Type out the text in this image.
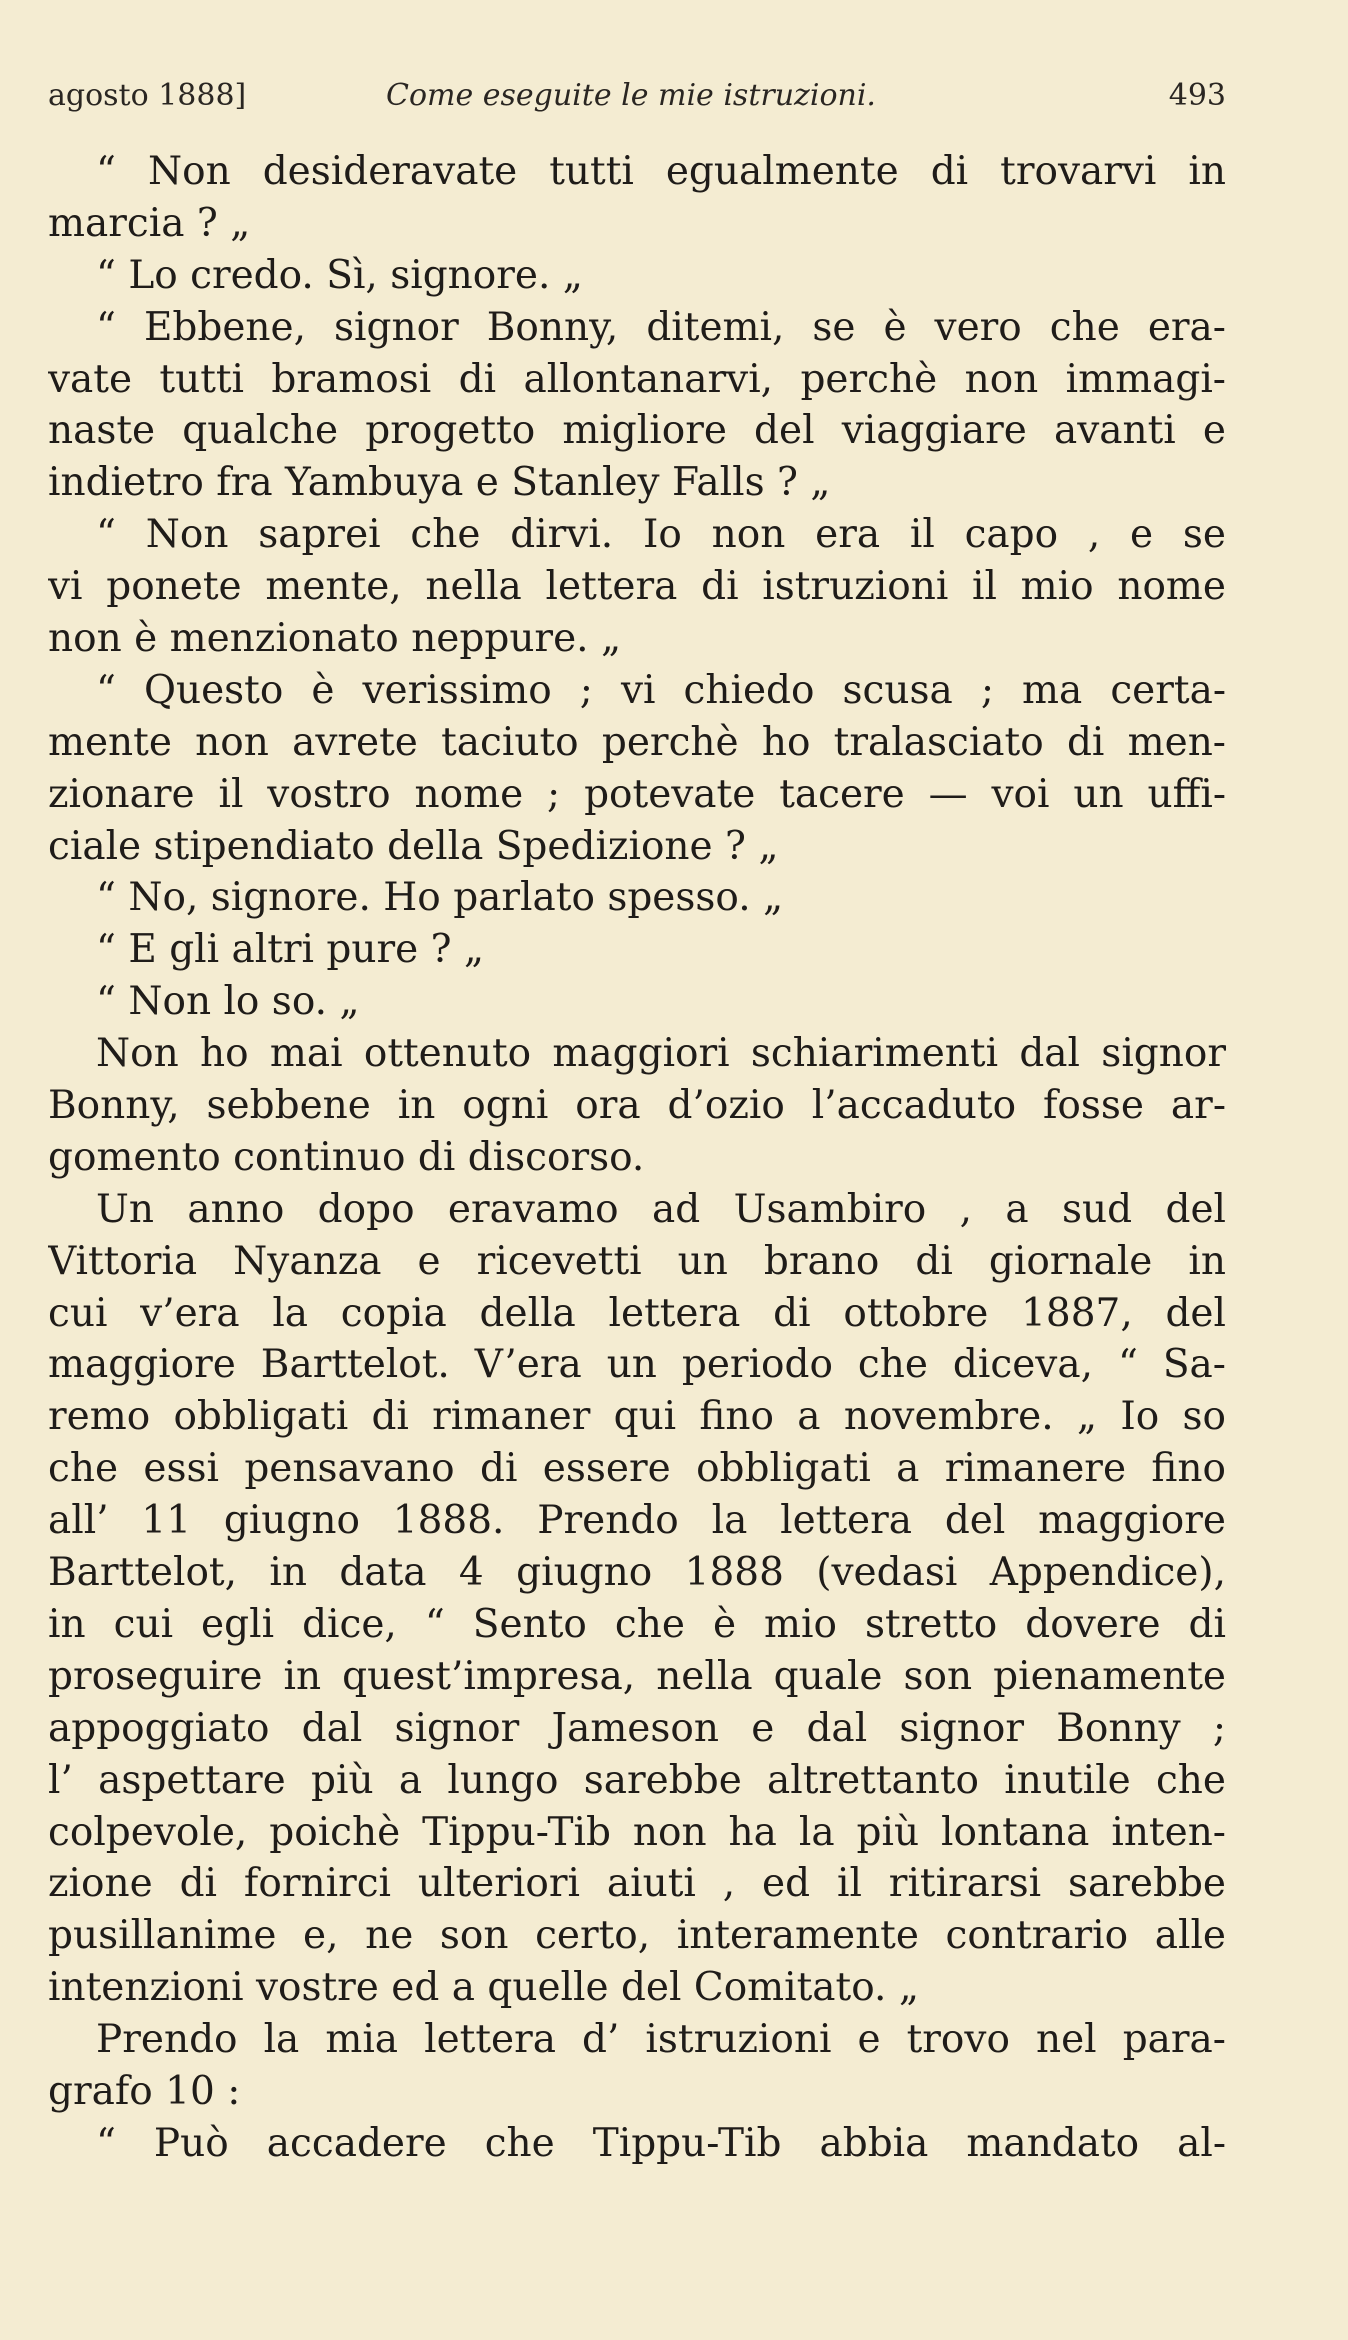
agosto 1888]	Come eseguite le mie istruzioni.	493
“ Non desideravate tutti egualmente di trovarvi in
marcia ? „
“ Lo credo. Sì, signore. „
“ Ebbene, signor Bonny, ditemi, se è vero che era-
vate tutti bramosi di allontanarvi, perchè non immagi-
naste qualche progetto migliore del viaggiare avanti e
indietro fra Yambuya e Stanley Falls ? „
“ Non saprei che dirvi. Io non era il capo , e se
vi ponete mente, nella lettera di istruzioni il mio nome
non è menzionato neppure. „
“ Questo è verissimo ; vi chiedo scusa ; ma certa-
mente non avrete taciuto perchè ho tralasciato di men-
zionare il vostro nome ; potevate tacere — voi un uffi-
ciale stipendiato della Spedizione ? „
“ No, signore. Ho parlato spesso. „
“ E gli altri pure ? „
“ Non lo so. „
Non ho mai ottenuto maggiori schiarimenti dal signor
Bonny, sebbene in ogni ora d’ozio l’accaduto fosse ar-
gomento continuo di discorso.
Un anno dopo eravamo ad Usambiro , a sud del
Vittoria Nyanza e ricevetti un brano di giornale in
cui v’era la copia della lettera di ottobre 1887, del
maggiore Barttelot. V’era un periodo che diceva, “ Sa-
remo obbligati di rimaner qui fino a novembre. „ Io so
che essi pensavano di essere obbligati a rimanere fino
all’ 11 giugno 1888. Prendo la lettera del maggiore
Barttelot, in data 4 giugno 1888 (vedasi Appendice),
in cui egli dice, “ Sento che è mio stretto dovere di
proseguire in quest’impresa, nella quale son pienamente
appoggiato dal signor Jameson e dal signor Bonny ;
l’ aspettare più a lungo sarebbe altrettanto inutile che
colpevole, poichè Tippu-Tib non ha la più lontana inten-
zione di fornirci ulteriori aiuti , ed il ritirarsi sarebbe
pusillanime e, ne son certo, interamente contrario alle
intenzioni vostre ed a quelle del Comitato. „
Prendo la mia lettera d’ istruzioni e trovo nel para-
grafo 10 :
“ Può accadere che Tippu-Tib abbia mandato al-
